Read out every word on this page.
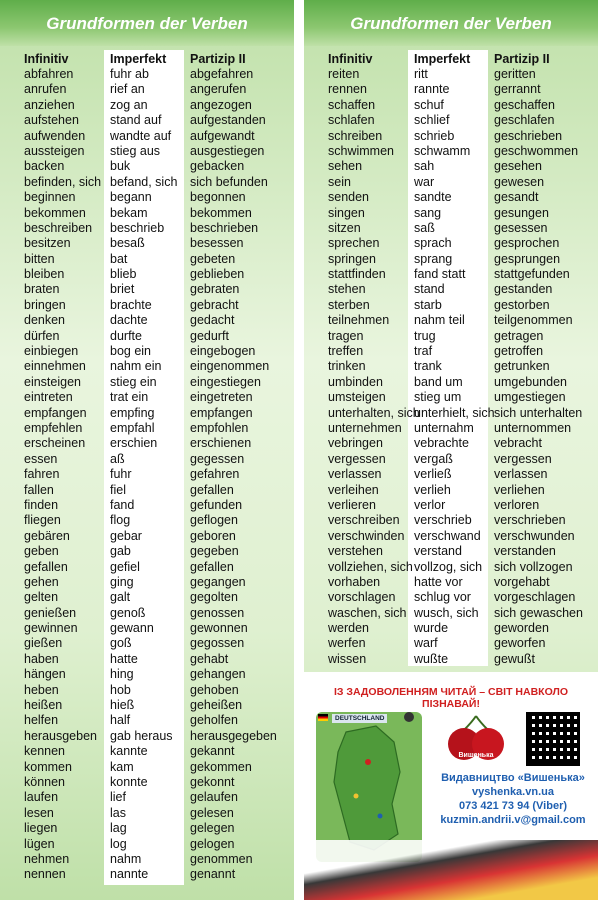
Grundformen der Verben
Infinitiv	Imperfekt Partizip II
abfahren
anrufen
anziehen
aufstehen
aufwenden
aussteigen
backen
befinden, sich
beginnen
bekommen
beschreiben
besitzen
bitten
bleiben
braten
bringen
denken
dürfen
einbiegen
einnehmen
einsteigen
eintreten
empfangen
empfehlen
erscheinen
essen
fahren
fallen
finden
fliegen
gebären
geben
gefallen
gehen
gelten
genießen
gewinnen
gießen
haben
hängen
heben
heißen
helfen
herausgeben
kennen
kommen
können
laufen
lesen
liegen
lügen
nehmen
nennen
fuhr ab
rief an
zog an
stand auf
wandte auf
stieg aus
buk
befand, sich
begann
bekam
beschrieb
besaß
bat
blieb
briet
brachte
dachte
durfte
bog ein
nahm ein
stieg ein
trat ein
empfing
empfahl
erschien
aß
fuhr
fiel
fand
flog
gebar
gab
gefiel
ging
galt
genoß
gewann
goß
hatte
hing
hob
hieß
half
gab heraus
kannte
kam
konnte
lief
las
lag
log
nahm
nannte
abgefahren
angerufen
angezogen
aufgestanden
aufgewandt
ausgestiegen
gebacken
sich befunden
begonnen
bekommen
beschrieben
besessen
gebeten
geblieben
gebraten
gebracht
gedacht
gedurft
eingebogen
eingenommen
eingestiegen
eingetreten
empfangen
empfohlen
erschienen
gegessen
gefahren
gefallen
gefunden
geflogen
geboren
gegeben
gefallen
gegangen
gegolten
genossen
gewonnen
gegossen
gehabt
gehangen
gehoben
geheißen
geholfen
herausgegeben
gekannt
gekommen
gekonnt
gelaufen
gelesen
gelegen
gelogen
genommen
genannt
Grundformen der Verben
Infinitiv	Imperfekt Partizip II
reiten
rennen
schaffen
schlafen
schreiben
schwimmen
sehen
sein
senden
singen
sitzen
sprechen
springen
stattfinden
stehen
sterben
teilnehmen
tragen
treffen
trinken
umbinden
umsteigen
unterhalten, sich
unternehmen
vebringen
vergessen
verlassen
verleihen
verlieren
verschreiben
verschwinden
verstehen
vollziehen, sich
vorhaben
vorschlagen
waschen, sich
werden
werfen
wissen
ritt
rannte
schuf
schlief
schrieb
schwamm
sah
war
sandte
sang
saß
sprach
sprang
fand statt
stand
starb
nahm teil
trug
traf
trank
band um
stieg um
unterhielt, sich
unternahm
vebrachte
vergaß
verließ
verlieh
verlor
verschrieb
verschwand
verstand
vollzog, sich
hatte vor
schlug vor
wusch, sich
wurde
warf
wußte
geritten
gerrannt
geschaffen
geschlafen
geschrieben
geschwommen
gesehen
gewesen
gesandt
gesungen
gesessen
gesprochen
gesprungen
stattgefunden
gestanden
gestorben
teilgenommen
getragen
getroffen
getrunken
umgebunden
umgestiegen
sich unterhalten
unternommen
vebracht
vergessen
verlassen
verliehen
verloren
verschrieben
verschwunden
verstanden
sich vollzogen
vorgehabt
vorgeschlagen
sich gewaschen
geworden
geworfen
gewußt
ІЗ ЗАДОВОЛЕННЯМ ЧИТАЙ – СВІТ НАВКОЛО ПІЗНАВАЙ!
DEUTSCHLAND
Вишенька
Видавництво «Вишенька»
vyshenka.vn.ua
073 421 73 94 (Viber)
kuzmin.andrii.v@gmail.com
